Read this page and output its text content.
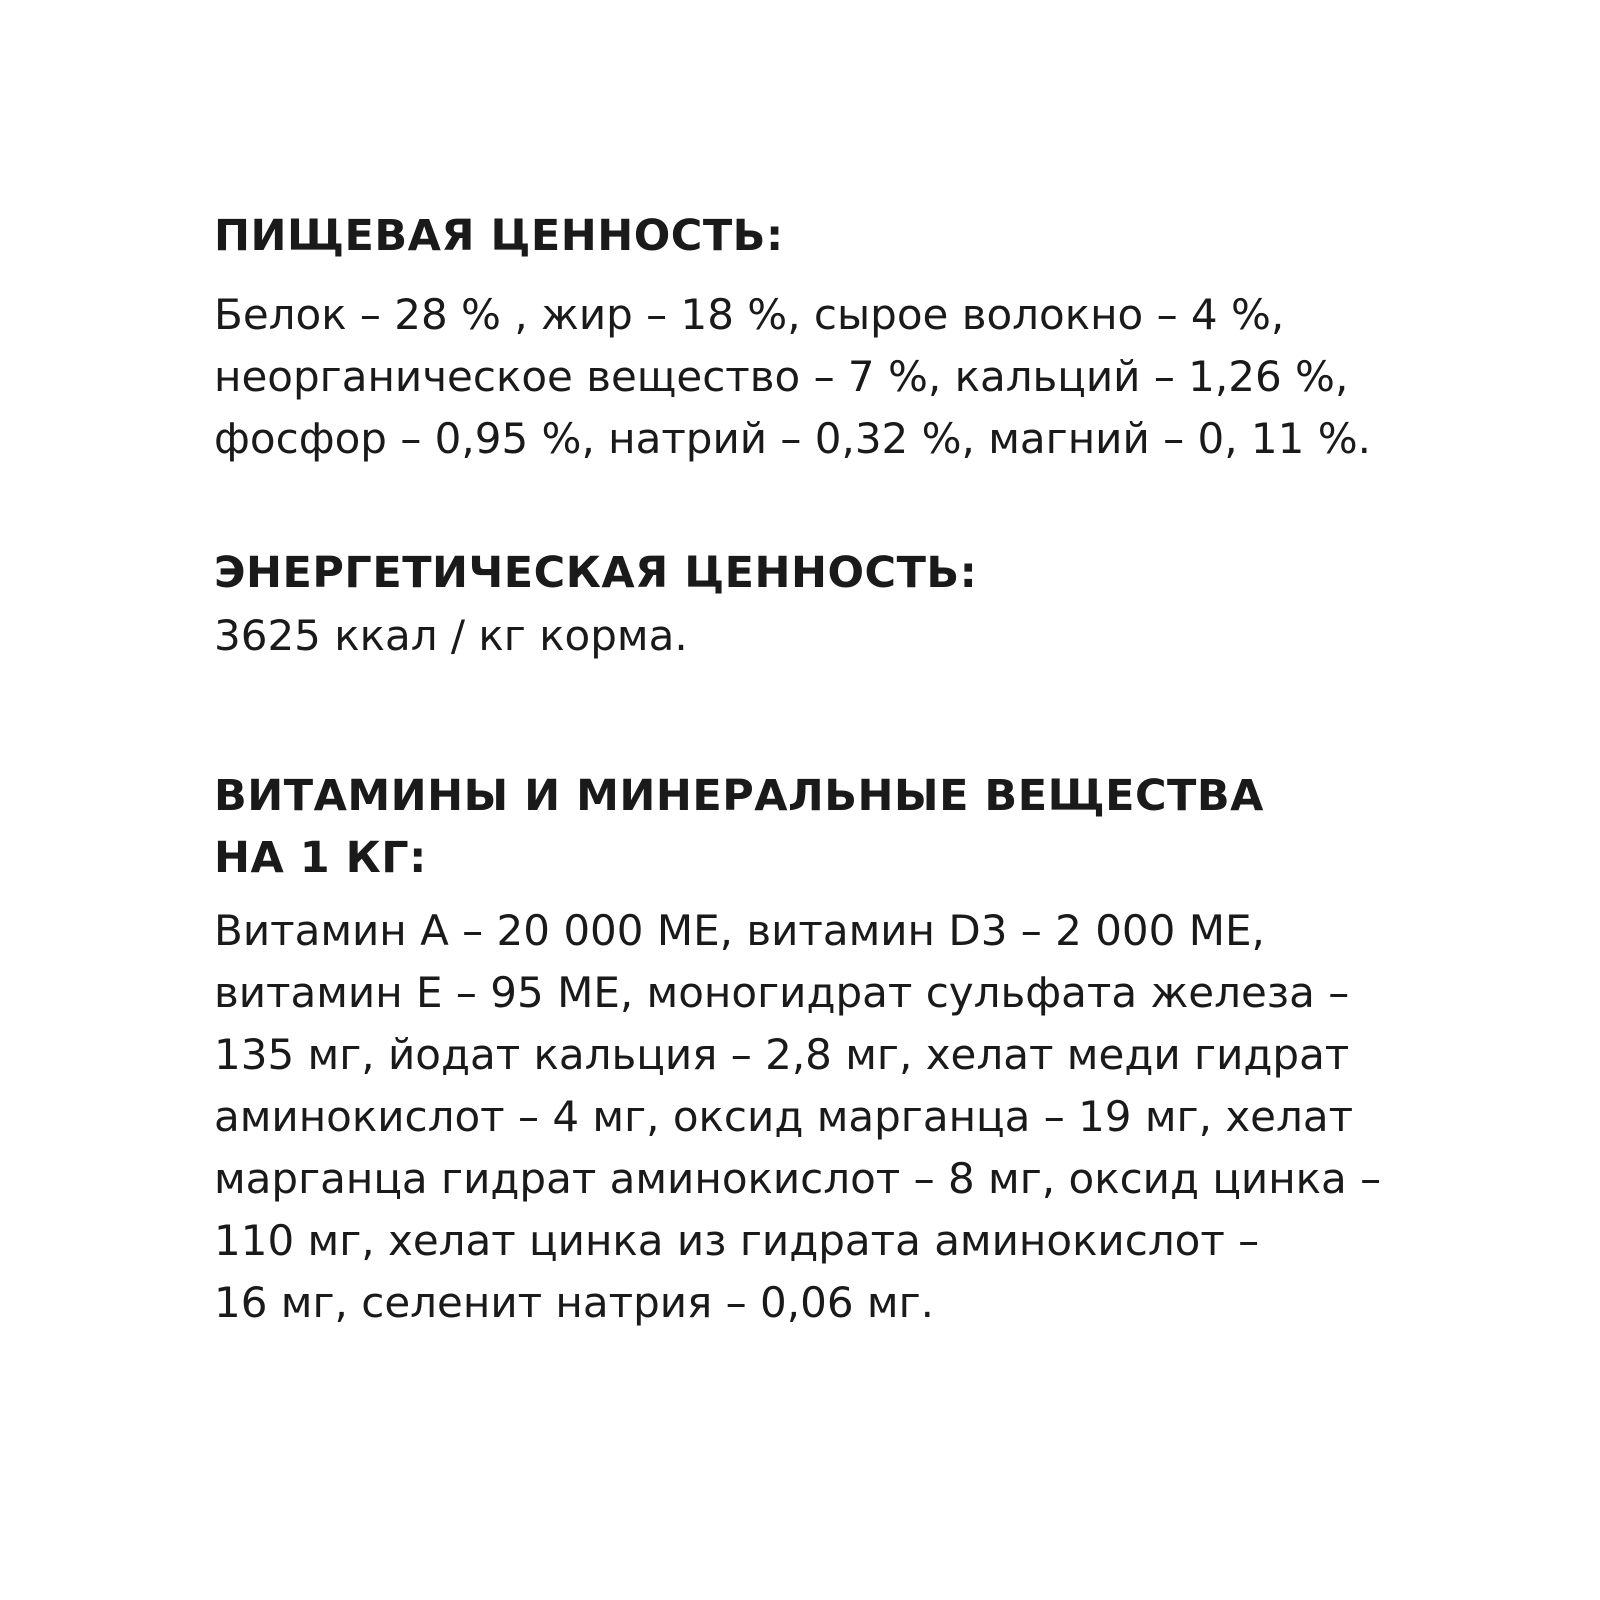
ПИЩЕВАЯ ЦЕННОСТЬ:

Белок – 28 % , жир – 18 %, сырое волокно – 4 %,
неорганическое вещество – 7 %, кальций – 1,26 %,
фосфор – 0,95 %, натрий – 0,32 %, магний – 0, 11 %.

ЭНЕРГЕТИЧЕСКАЯ ЦЕННОСТЬ:

3625 ккал / кг корма.

ВИТАМИНЫ И МИНЕРАЛЬНЫЕ ВЕЩЕСТВА
НА 1 КГ:

Витамин A – 20 000 МЕ, витамин D3 – 2 000 МЕ,
витамин E – 95 МЕ, моногидрат сульфата железа –
135 мг, йодат кальция – 2,8 мг, хелат меди гидрат
аминокислот – 4 мг, оксид марганца – 19 мг, хелат
марганца гидрат аминокислот – 8 мг, оксид цинка –
110 мг, хелат цинка из гидрата аминокислот –
16 мг, селенит натрия – 0,06 мг.
